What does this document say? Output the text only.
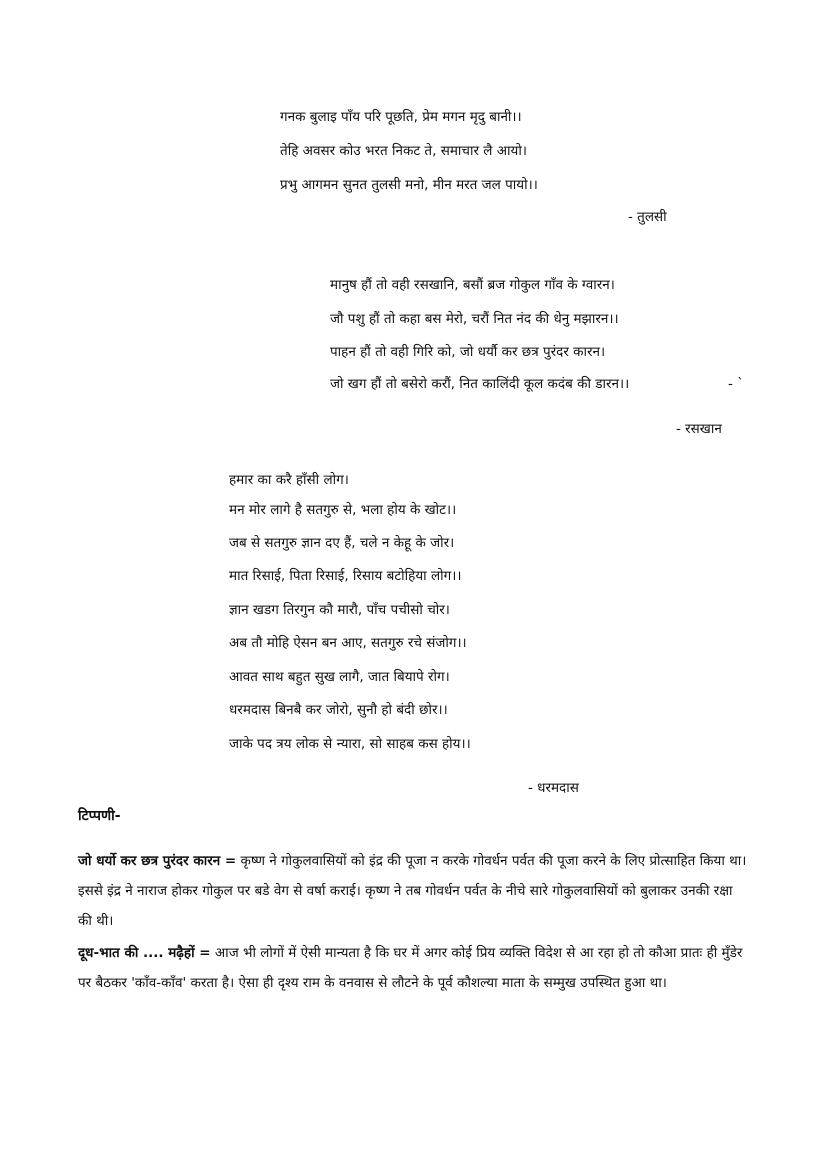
गनक बुलाइ पाँय परि पूछति, प्रेम मगन मृदु बानी।।
तेहि अवसर कोउ भरत निकट ते, समाचार लै आयो।
प्रभु आगमन सुनत तुलसी मनो, मीन मरत जल पायो।।
- तुलसी
मानुष हौं तो वही रसखानि, बसौं ब्रज गोकुल गाँव के ग्वारन।
जौ पशु हौं तो कहा बस मेरो, चरौं नित नंद की धेनु मझारन।।
पाहन हौं तो वही गिरि को, जो धर्यौ कर छत्र पुरंदर कारन।
जो खग हौं तो बसेरो करौं, नित कालिंदी कूल कदंब की डारन।।	- `
- रसखान
हमार का करै हाँसी लोग।
मन मोर लागे है सतगुरु से, भला होय के खोट।।
जब से सतगुरु ज्ञान दए हैं, चले न केहू के जोर।
मात रिसाई, पिता रिसाई, रिसाय बटोहिया लोग।।
ज्ञान खडग तिरगुन कौ मारौ, पाँच पचीसो चोर।
अब तौ मोहि ऐसन बन आए, सतगुरु रचे संजोग।।
आवत साथ बहुत सुख लागै, जात बियापे रोग।
धरमदास बिनबै कर जोरो, सुनौ हो बंदी छोर।।
जाके पद त्रय लोक से न्यारा, सो साहब कस होय।।
- धरमदास
टिप्पणी-
जो धर्यो कर छत्र पुरंदर कारन = कृष्ण ने गोकुलवासियों को इंद्र की पूजा न करके गोवर्धन पर्वत की पूजा करने के लिए प्रोत्साहित किया था। इससे इंद्र ने नाराज होकर गोकुल पर बडे वेग से वर्षा कराई। कृष्ण ने तब गोवर्धन पर्वत के नीचे सारे गोकुलवासियों को बुलाकर उनकी रक्षा की थी।
दूध-भात की .... मढ़ैहों = आज भी लोगों में ऐसी मान्यता है कि घर में अगर कोई प्रिय व्यक्ति विदेश से आ रहा हो तो कौआ प्रातः ही मुँडेर पर बैठकर 'काँव-काँव' करता है। ऐसा ही दृश्य राम के वनवास से लौटने के पूर्व कौशल्या माता के सम्मुख उपस्थित हुआ था।
